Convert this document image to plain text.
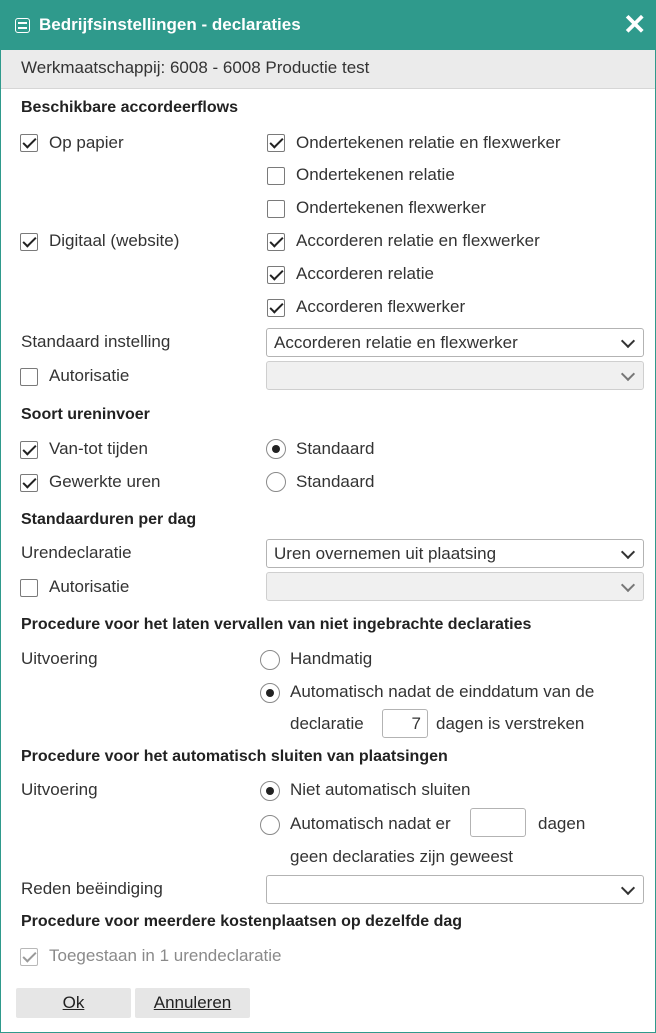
Bedrijfsinstellingen - declaraties	✕
Werkmaatschappij: 6008 - 6008 Productie test
Beschikbare accordeerflows
Op papier	Ondertekenen relatie en flexwerker
Ondertekenen relatie
Ondertekenen flexwerker
Digitaal (website)	Accorderen relatie en flexwerker
Accorderen relatie
Accorderen flexwerker
Standaard instelling	Accorderen relatie en flexwerker
Autorisatie
Soort ureninvoer
Van-tot tijden	Standaard
Gewerkte uren	Standaard
Standaarduren per dag
Urendeclaratie	Uren overnemen uit plaatsing
Autorisatie
Procedure voor het laten vervallen van niet ingebrachte declaraties
Uitvoering	Handmatig
Automatisch nadat de einddatum van de
declaratie
7	dagen is verstreken
Procedure voor het automatisch sluiten van plaatsingen
Uitvoering	Niet automatisch sluiten
Automatisch nadat er	dagen
geen declaraties zijn geweest
Reden beëindiging
Procedure voor meerdere kostenplaatsen op dezelfde dag
Toegestaan in 1 urendeclaratie
Ok	Annuleren
